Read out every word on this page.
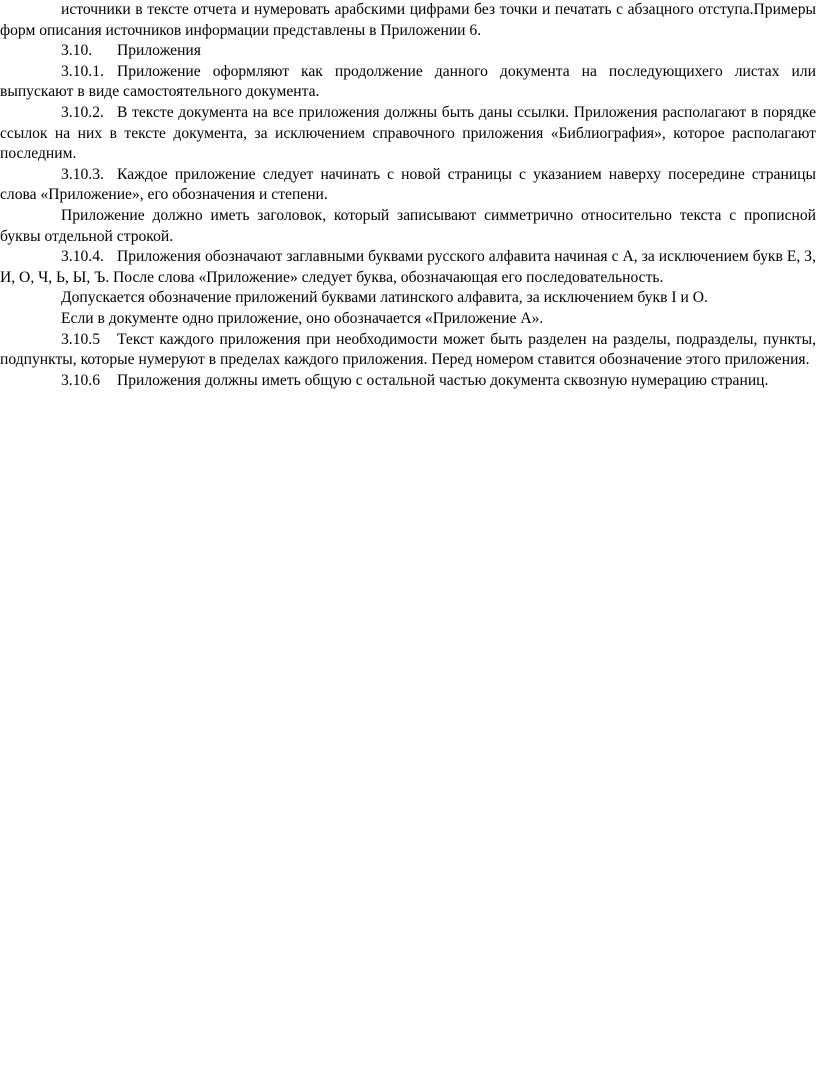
источники в тексте отчета и нумеровать арабскими цифрами без точки и печатать с абзацного отступа.Примеры форм описания источников информации представлены в Приложении 6.

3.10. Приложения

3.10.1. Приложение оформляют как продолжение данного документа на последующихего листах или выпускают в виде самостоятельного документа.

3.10.2. В тексте документа на все приложения должны быть даны ссылки. Приложения располагают в порядке ссылок на них в тексте документа, за исключением справочного приложения «Библиография», которое располагают последним.

3.10.3. Каждое приложение следует начинать с новой страницы с указанием наверху посередине страницы слова «Приложение», его обозначения и степени.

Приложение должно иметь заголовок, который записывают симметрично относительно текста с прописной буквы отдельной строкой.

3.10.4. Приложения обозначают заглавными буквами русского алфавита начиная с А, за исключением букв Е, З, И, О, Ч, Ь, Ы, Ъ. После слова «Приложение» следует буква, обозначающая его последовательность.

Допускается обозначение приложений буквами латинского алфавита, за исключением букв I и O.

Если в документе одно приложение, оно обозначается «Приложение А».

3.10.5 Текст каждого приложения при необходимости может быть разделен на разделы, подразделы, пункты, подпункты, которые нумеруют в пределах каждого приложения. Перед номером ставится обозначение этого приложения.

3.10.6 Приложения должны иметь общую с остальной частью документа сквозную нумерацию страниц.
